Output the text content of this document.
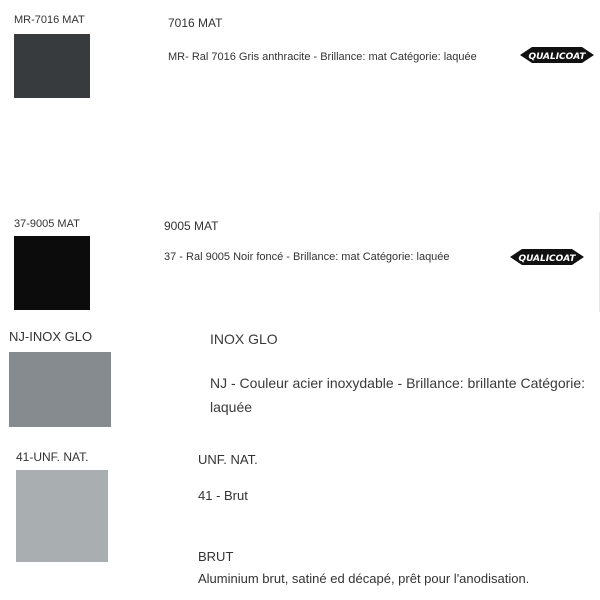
MR-7016 MAT	7016 MAT
MR- Ral 7016 Gris anthracite - Brillance: mat Catégorie: laquée	QUALICOAT
37-9005 MAT	9005 MAT
37 - Ral 9005 Noir foncé - Brillance: mat Catégorie: laquée	QUALICOAT
NJ-INOX GLO	INOX GLO
NJ - Couleur acier inoxydable - Brillance: brillante Catégorie: laquée
41-UNF. NAT.	UNF. NAT.
41 - Brut
BRUT
Aluminium brut, satiné ed décapé, prêt pour l'anodisation.
